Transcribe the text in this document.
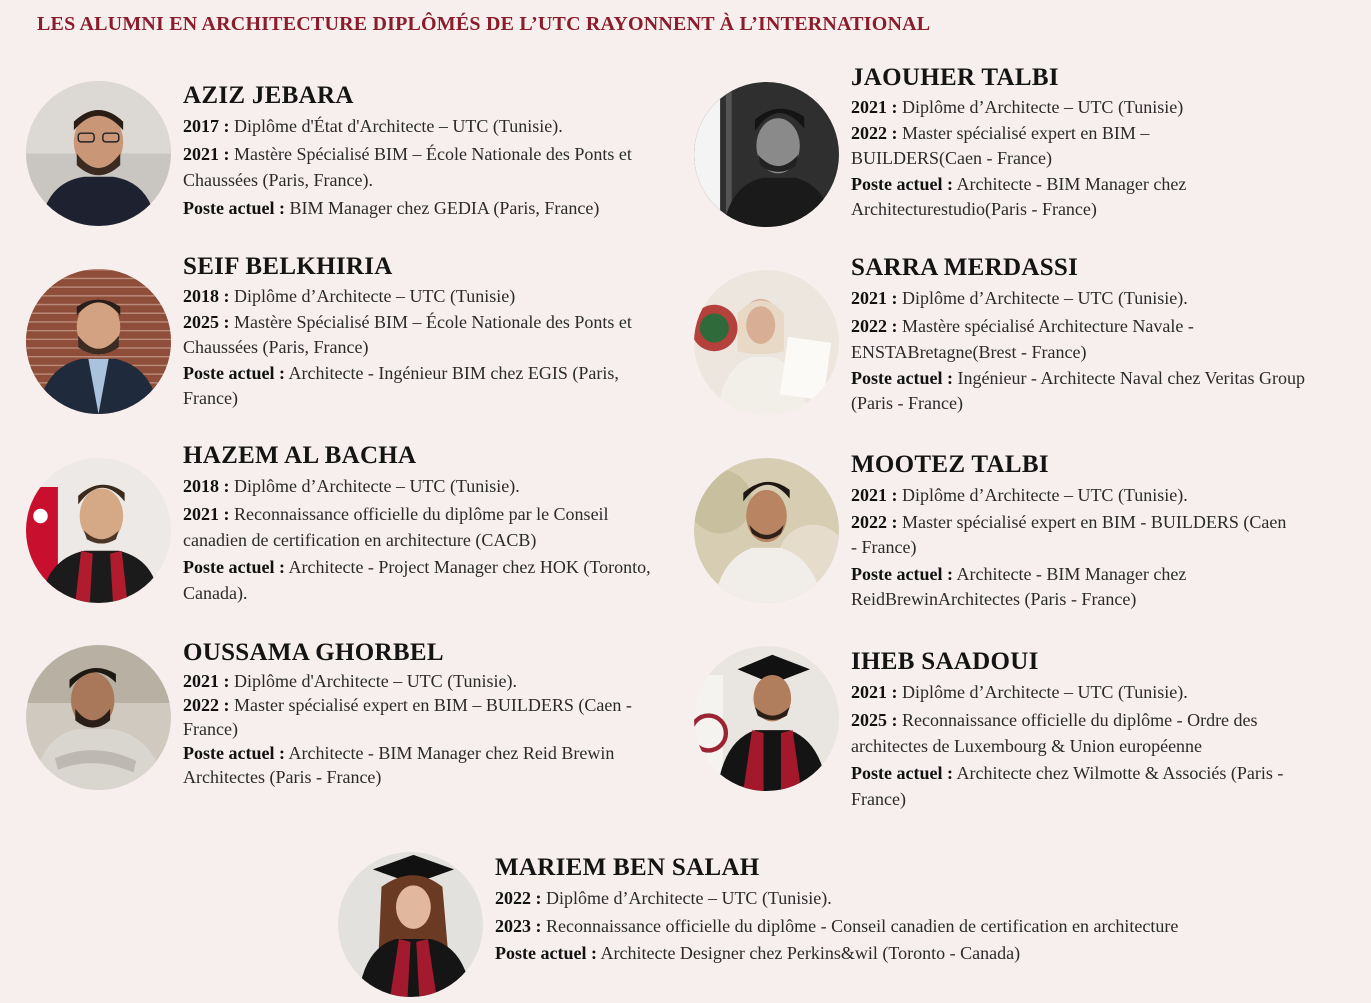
LES ALUMNI EN ARCHITECTURE DIPLÔMÉS DE L’UTC RAYONNENT À L’INTERNATIONAL
AZIZ JEBARA

2017 : Diplôme d'État d'Architecte – UTC (Tunisie).

2021 : Mastère Spécialisé BIM – École Nationale des Ponts et Chaussées (Paris, France).

Poste actuel : BIM Manager chez GEDIA (Paris, France)

SEIF BELKHIRIA

2018 : Diplôme d’Architecte – UTC (Tunisie)

2025 : Mastère Spécialisé BIM – École Nationale des Ponts et Chaussées (Paris, France)

Poste actuel : Architecte - Ingénieur BIM chez EGIS (Paris, France)

HAZEM AL BACHA

2018 : Diplôme d’Architecte – UTC (Tunisie).

2021 : Reconnaissance officielle du diplôme par le Conseil canadien de certification en architecture (CACB)

Poste actuel : Architecte - Project Manager chez HOK (Toronto, Canada).

OUSSAMA GHORBEL

2021 : Diplôme d'Architecte – UTC (Tunisie).

2022 : Master spécialisé expert en BIM – BUILDERS (Caen - France)

Poste actuel : Architecte - BIM Manager chez Reid Brewin Architectes (Paris - France)

JAOUHER TALBI

2021 : Diplôme d’Architecte – UTC (Tunisie)

2022 : Master spécialisé expert en BIM – BUILDERS(Caen - France)

Poste actuel : Architecte - BIM Manager chez Architecturestudio(Paris - France)

SARRA MERDASSI

2021 : Diplôme d’Architecte – UTC (Tunisie).

2022 : Mastère spécialisé Architecture Navale - ENSTABretagne(Brest - France)

Poste actuel : Ingénieur - Architecte Naval chez Veritas Group (Paris - France)

MOOTEZ TALBI

2021 : Diplôme d’Architecte – UTC (Tunisie).

2022 : Master spécialisé expert en BIM - BUILDERS (Caen - France)

Poste actuel : Architecte - BIM Manager chez ReidBrewinArchitectes (Paris - France)

IHEB SAADOUI

2021 : Diplôme d’Architecte – UTC (Tunisie).

2025 : Reconnaissance officielle du diplôme - Ordre des architectes de Luxembourg & Union européenne

Poste actuel : Architecte chez Wilmotte & Associés (Paris - France)

MARIEM BEN SALAH

2022 : Diplôme d’Architecte – UTC (Tunisie).

2023 : Reconnaissance officielle du diplôme - Conseil canadien de certification en architecture

Poste actuel : Architecte Designer chez Perkins&wil (Toronto - Canada)
